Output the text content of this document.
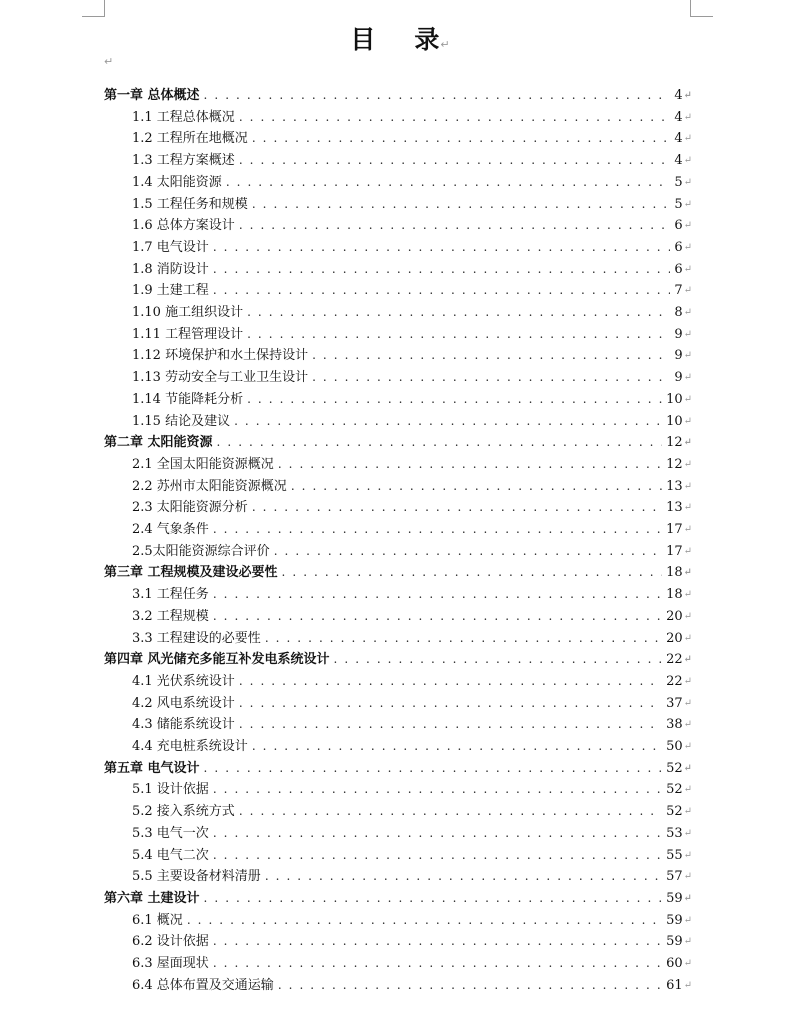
目 录↵
↵
第一章 总体概述 . . .	4 ↵
1.1 工程总体概况 . . .	4 ↵
1.2 工程所在地概况 . . .	4 ↵
1.3 工程方案概述 . . .	4 ↵
1.4 太阳能资源 . . .	5 ↵
1.5 工程任务和规模 . . .	5 ↵
1.6 总体方案设计 . . .	6 ↵
1.7 电气设计 . . .	6 ↵
1.8 消防设计 . . .	6 ↵
1.9 土建工程 . . .	7 ↵
1.10 施工组织设计 . . .	8 ↵
1.11 工程管理设计 . . .	9 ↵
1.12 环境保护和水土保持设计 . . .	9 ↵
1.13 劳动安全与工业卫生设计 . . .	9 ↵
1.14 节能降耗分析 . . .	10 ↵
1.15 结论及建议 . . .	10 ↵
第二章 太阳能资源 . . .	12 ↵
2.1 全国太阳能资源概况 . . .	12 ↵
2.2 苏州市太阳能资源概况 . . .	13 ↵
2.3 太阳能资源分析 . . .	13 ↵
2.4 气象条件 . . .	17 ↵
2.5太阳能资源综合评价 . . .	17 ↵
第三章 工程规模及建设必要性 . . .	18 ↵
3.1 工程任务 . . .	18 ↵
3.2 工程规模 . . .	20 ↵
3.3 工程建设的必要性 . . .	20 ↵
第四章 风光储充多能互补发电系统设计 . . .	22 ↵
4.1 光伏系统设计 . . .	22 ↵
4.2 风电系统设计 . . .	37 ↵
4.3 储能系统设计 . . .	38 ↵
4.4 充电桩系统设计 . . .	50 ↵
第五章 电气设计 . . .	52 ↵
5.1 设计依据 . . .	52 ↵
5.2 接入系统方式 . . .	52 ↵
5.3 电气一次 . . .	53 ↵
5.4 电气二次 . . .	55 ↵
5.5 主要设备材料清册 . . .	57 ↵
第六章 土建设计 . . .	59 ↵
6.1 概况 . . .	59 ↵
6.2 设计依据 . . .	59 ↵
6.3 屋面现状 . . .	60 ↵
6.4 总体布置及交通运输 . . .	61 ↵
